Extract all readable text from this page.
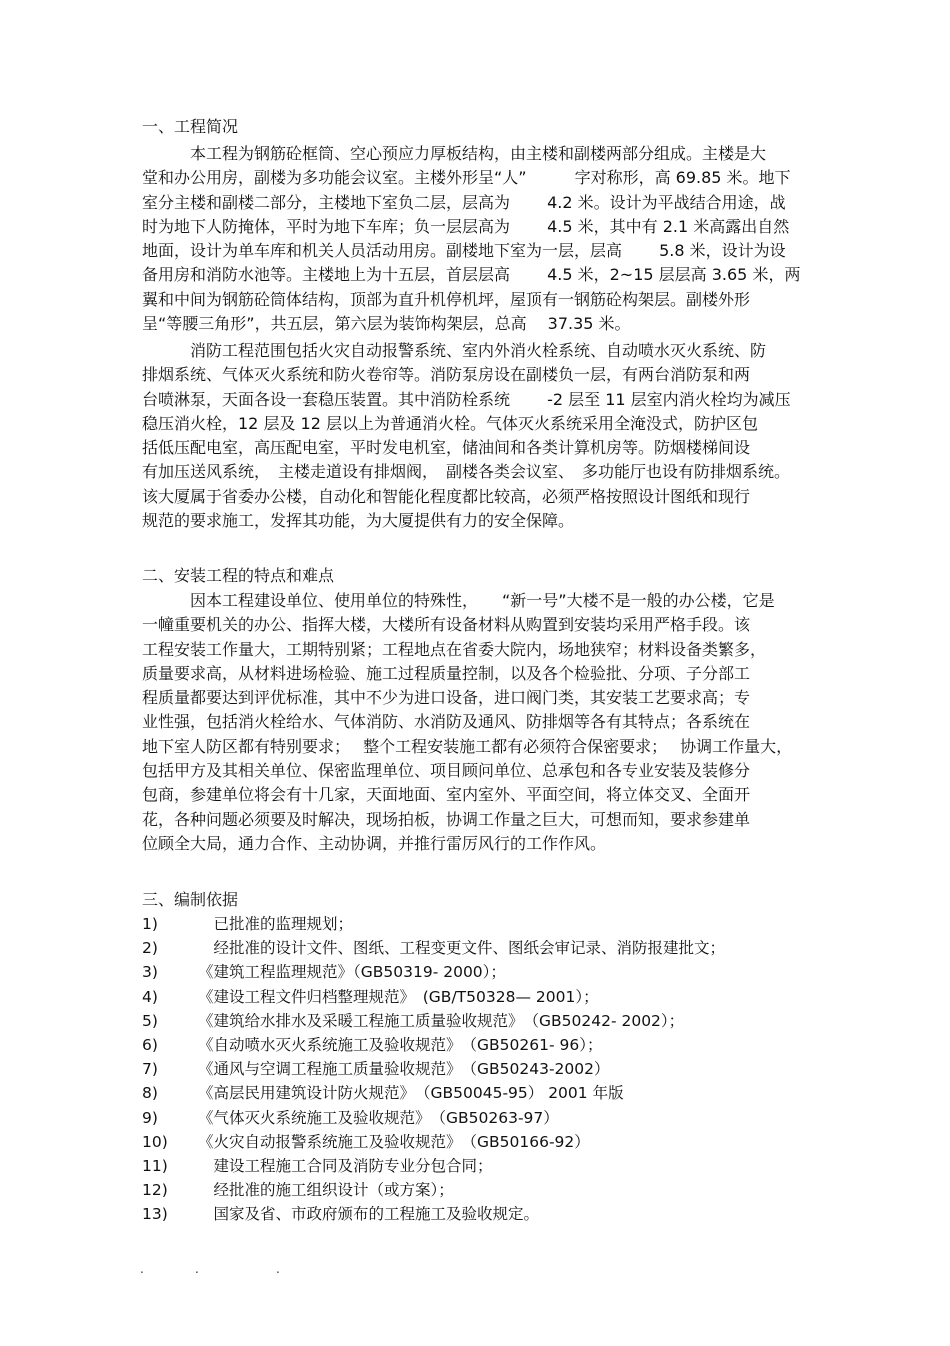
一、工程简况
　　　本工程为钢筋砼框筒、空心预应力厚板结构，由主楼和副楼两部分组成。主楼是大
堂和办公用房，副楼为多功能会议室。主楼外形呈“人”　　　字对称形，高 69.85 米。地下
室分主楼和副楼二部分，主楼地下室负二层，层高为　　 4.2 米。设计为平战结合用途，战
时为地下人防掩体，平时为地下车库；负一层层高为　　 4.5 米，其中有 2.1 米高露出自然
地面，设计为单车库和机关人员活动用房。副楼地下室为一层，层高　　 5.8 米，设计为设
备用房和消防水池等。主楼地上为十五层，首层层高　　 4.5 米，2~15 层层高 3.65 米，两
翼和中间为钢筋砼筒体结构，顶部为直升机停机坪，屋顶有一钢筋砼构架层。副楼外形
呈“等腰三角形”，共五层，第六层为装饰构架层，总高　 37.35 米。
　　　消防工程范围包括火灾自动报警系统、室内外消火栓系统、自动喷水灭火系统、防
排烟系统、气体灭火系统和防火卷帘等。消防泵房设在副楼负一层，有两台消防泵和两
台喷淋泵，天面各设一套稳压装置。其中消防栓系统　　 -2 层至 11 层室内消火栓均为减压
稳压消火栓，12 层及 12 层以上为普通消火栓。气体灭火系统采用全淹没式，防护区包
括低压配电室，高压配电室，平时发电机室，储油间和各类计算机房等。防烟楼梯间设
有加压送风系统，　主楼走道设有排烟阀，　副楼各类会议室、　多功能厅也设有防排烟系统。
该大厦属于省委办公楼，自动化和智能化程度都比较高，必须严格按照设计图纸和现行
规范的要求施工，发挥其功能，为大厦提供有力的安全保障。
二、安装工程的特点和难点
　　　因本工程建设单位、使用单位的特殊性，　　“新一号”大楼不是一般的办公楼，它是
一幢重要机关的办公、指挥大楼，大楼所有设备材料从购置到安装均采用严格手段。该
工程安装工作量大，工期特别紧；工程地点在省委大院内，场地狭窄；材料设备类繁多，
质量要求高，从材料进场检验、施工过程质量控制，以及各个检验批、分项、子分部工
程质量都要达到评优标准，其中不少为进口设备，进口阀门类，其安装工艺要求高；专
业性强，包括消火栓给水、气体消防、水消防及通风、防排烟等各有其特点；各系统在
地下室人防区都有特别要求；　 整个工程安装施工都有必须符合保密要求；　 协调工作量大，
包括甲方及其相关单位、保密监理单位、项目顾问单位、总承包和各专业安装及装修分
包商，参建单位将会有十几家，天面地面、室内室外、平面空间，将立体交叉、全面开
花，各种问题必须要及时解决，现场拍板，协调工作量之巨大，可想而知，要求参建单
位顾全大局，通力合作、主动协调，并推行雷厉风行的工作作风。
三、编制依据
1)	　已批准的监理规划；
2)	　经批准的设计文件、图纸、工程变更文件、图纸会审记录、消防报建批文；
3)	《建筑工程监理规范》（GB50319- 2000）；
4)	《建设工程文件归档整理规范》　(GB/T50328— 2001）；
5)	《建筑给水排水及采暖工程施工质量验收规范》　（GB50242- 2002）；
6)	《自动喷水灭火系统施工及验收规范》　（GB50261- 96）；
7)	《通风与空调工程施工质量验收规范》　（GB50243-2002）
8)	《高层民用建筑设计防火规范》　（GB50045-95） 2001 年版
9)	《气体灭火系统施工及验收规范》　（GB50263-97）
10)	《火灾自动报警系统施工及验收规范》　（GB50166-92）
11)	　建设工程施工合同及消防专业分包合同；
12)	　经批准的施工组织设计（或方案）；
13)	　国家及省、市政府颁布的工程施工及验收规定。
.	.	.
